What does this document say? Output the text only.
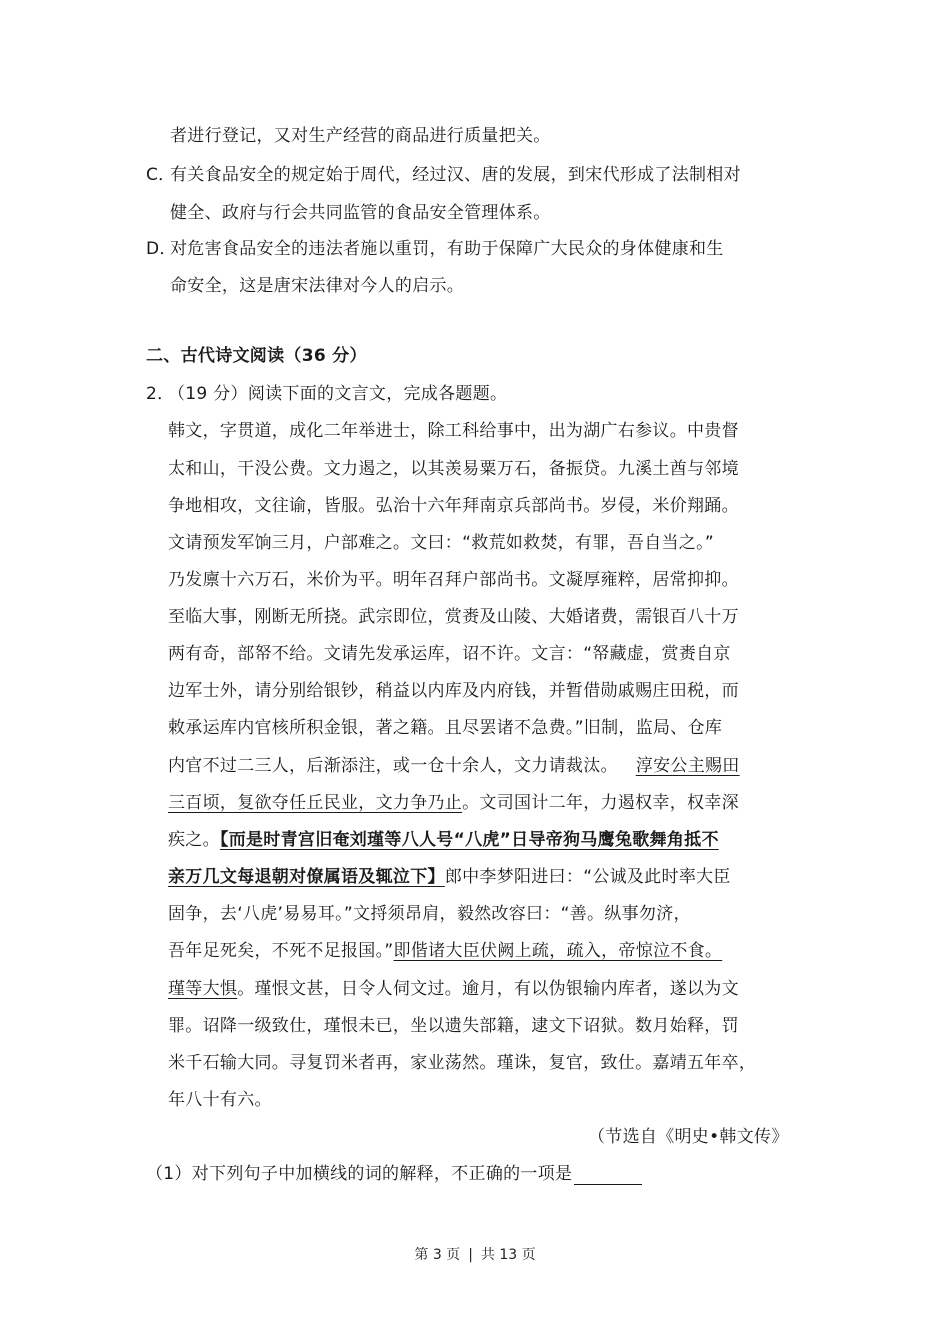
者进行登记，又对生产经营的商品进行质量把关。
C．
有关食品安全的规定始于周代，经过汉、唐的发展，到宋代形成了法制相对
健全、政府与行会共同监管的食品安全管理体系。
D．
对危害食品安全的违法者施以重罚，有助于保障广大民众的身体健康和生
命安全，这是唐宋法律对今人的启示。
二、古代诗文阅读（36 分）
2．
（19 分）阅读下面的文言文，完成各题题。
韩文，字贯道，成化二年举进士，除工科给事中，出为湖广右参议。中贵督
太和山，干没公费。文力遏之，以其羡易粟万石，备振贷。九溪土酋与邻境
争地相攻，文往谕，皆服。弘治十六年拜南京兵部尚书。岁侵，米价翔踊。
文请预发军饷三月，户部难之。文曰：“救荒如救焚，有罪，吾自当之。”
乃发廪十六万石，米价为平。明年召拜户部尚书。文凝厚雍粹，居常抑抑。
至临大事，刚断无所挠。武宗即位，赏赉及山陵、大婚诸费，需银百八十万
两有奇，部帑不给。文请先发承运库，诏不许。文言：“帑藏虚，赏赉自京
边军士外，请分别给银钞，稍益以内库及内府钱，并暂借勋戚赐庄田税，而
敕承运库内官核所积金银，著之籍。且尽罢诸不急费。”旧制，监局、仓库
内官不过二三人，后渐添注，或一仓十余人，文力请裁汰。 淳安公主赐田
三百顷，复欲夺任丘民业，文力争乃止。文司国计二年，力遏权幸，权幸深
疾之。【而是时青宫旧奄刘瑾等八人号“八虎”日导帝狗马鹰兔歌舞角抵不
亲万几文每退朝对僚属语及辄泣下】郎中李梦阳进曰：“公诚及此时率大臣
固争，去‘八虎’易易耳。”文捋须昂肩，毅然改容曰：“善。纵事勿济，
吾年足死矣，不死不足报国。”即偕诸大臣伏阙上疏，疏入，帝惊泣不食。
瑾等大惧。瑾恨文甚，日令人伺文过。逾月，有以伪银输内库者，遂以为文
罪。诏降一级致仕，瑾恨未已，坐以遗失部籍，逮文下诏狱。数月始释，罚
米千石输大同。寻复罚米者再，家业荡然。瑾诛，复官，致仕。嘉靖五年卒，
年八十有六。
（节选自《明史•韩文传》
（1）对下列句子中加横线的词的解释，不正确的一项是
第 3 页 | 共 13 页
